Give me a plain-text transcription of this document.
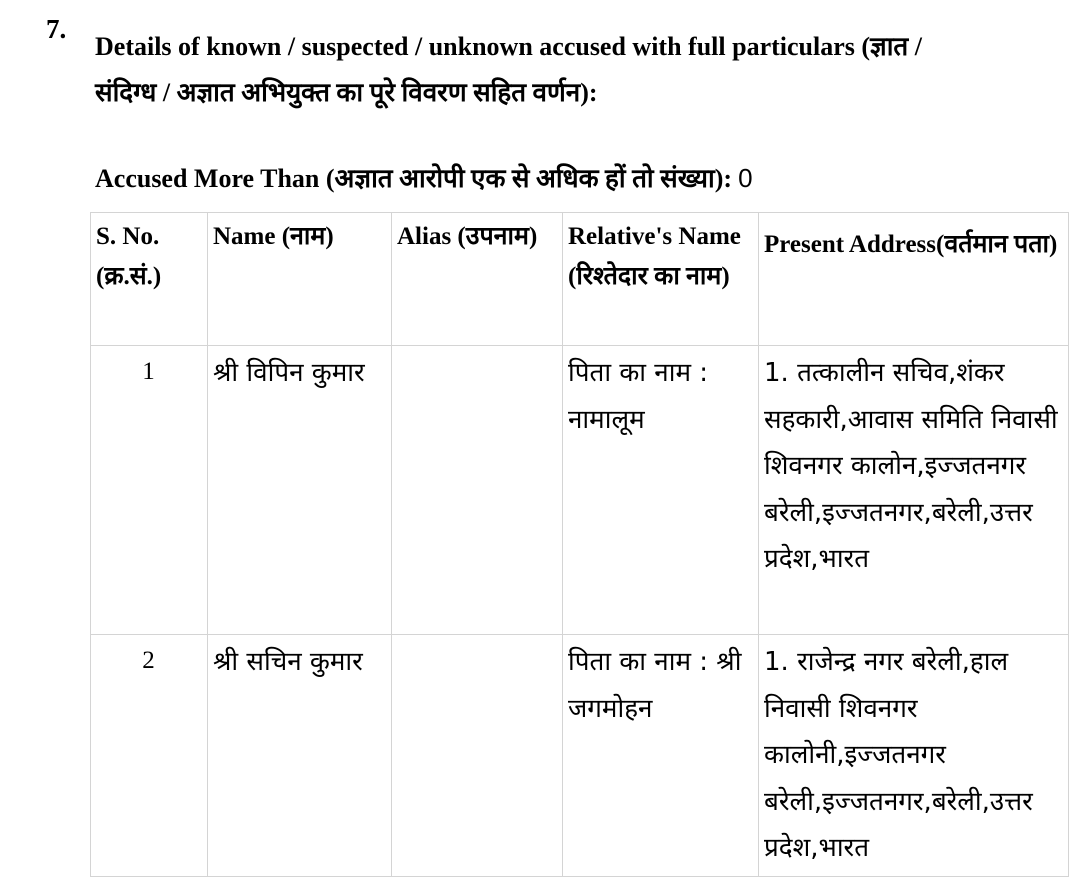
7.
Details of known / suspected / unknown accused with full particulars (ज्ञात /
संदिग्ध / अज्ञात अभियुक्त का पूरे विवरण सहित वर्णन):
Accused More Than (अज्ञात आरोपी एक से अधिक हों तो संख्या): 0
S. No. (क्र.सं.)	Name (नाम)	Alias (उपनाम)	Relative's Name (रिश्तेदार का नाम)	Present Address(वर्तमान पता)
1	श्री विपिन कुमार		पिता का नाम : नामालूम	1. तत्कालीन सचिव,शंकर सहकारी,आवास समिति निवासी शिवनगर कालोन,इज्जतनगर बरेली,इज्जतनगर,बरेली,उत्तर प्रदेश,भारत
2	श्री सचिन कुमार		पिता का नाम : श्री जगमोहन	1. राजेन्द्र नगर बरेली,हाल निवासी शिवनगर कालोनी,इज्जतनगर बरेली,इज्जतनगर,बरेली,उत्तर प्रदेश,भारत
